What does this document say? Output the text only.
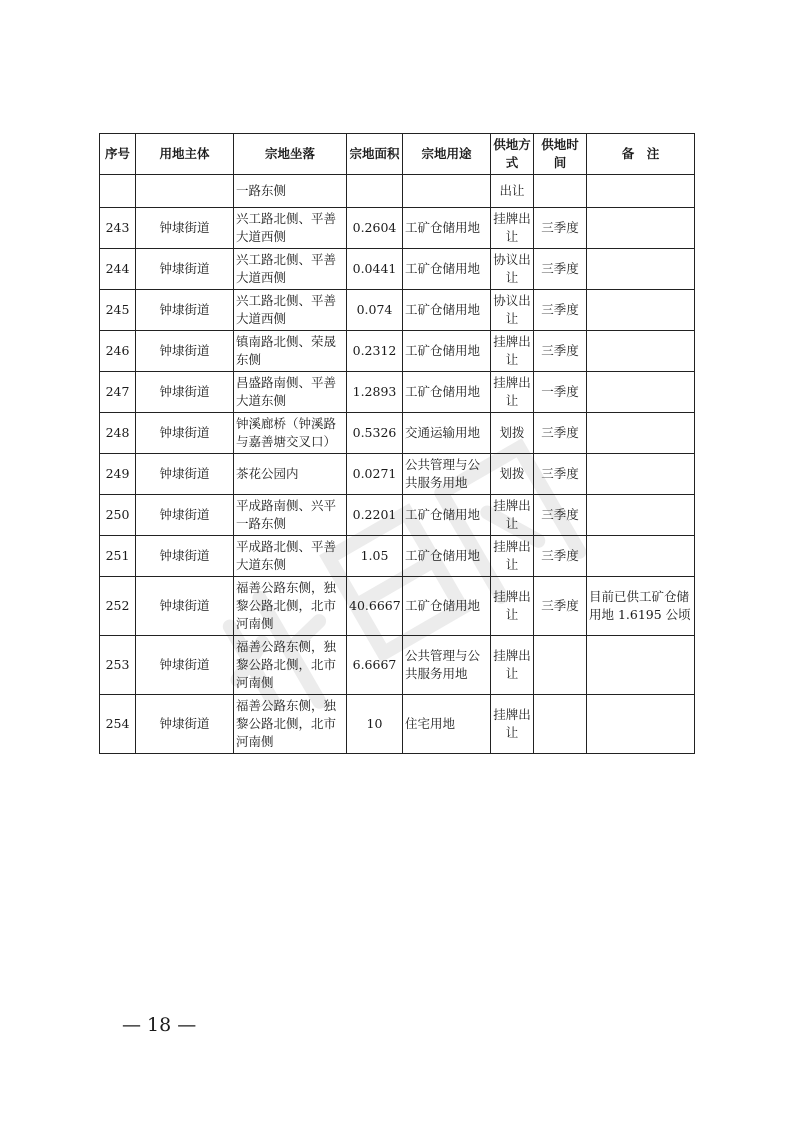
序号	用地主体	宗地坐落	宗地面积	宗地用途	供地方式	供地时间	备　注
		一路东侧			出让		
243	钟埭街道	兴工路北侧、平善大道西侧	0.2604	工矿仓储用地	挂牌出让	三季度	
244	钟埭街道	兴工路北侧、平善大道西侧	0.0441	工矿仓储用地	协议出让	三季度	
245	钟埭街道	兴工路北侧、平善大道西侧	0.074	工矿仓储用地	协议出让	三季度	
246	钟埭街道	镇南路北侧、荣晟东侧	0.2312	工矿仓储用地	挂牌出让	三季度	
247	钟埭街道	昌盛路南侧、平善大道东侧	1.2893	工矿仓储用地	挂牌出让	一季度	
248	钟埭街道	钟溪廊桥（钟溪路与嘉善塘交叉口）	0.5326	交通运输用地	划拨	三季度	
249	钟埭街道	茶花公园内	0.0271	公共管理与公共服务用地	划拨	三季度	
250	钟埭街道	平成路南侧、兴平一路东侧	0.2201	工矿仓储用地	挂牌出让	三季度	
251	钟埭街道	平成路北侧、平善大道东侧	1.05	工矿仓储用地	挂牌出让	三季度	
252	钟埭街道	福善公路东侧，独黎公路北侧，北市河南侧	40.6667	工矿仓储用地	挂牌出让	三季度	目前已供工矿仓储用地 1.6195 公顷
253	钟埭街道	福善公路东侧，独黎公路北侧，北市河南侧	6.6667	公共管理与公共服务用地	挂牌出让		
254	钟埭街道	福善公路东侧，独黎公路北侧，北市河南侧	10	住宅用地	挂牌出让		
— 18 —
